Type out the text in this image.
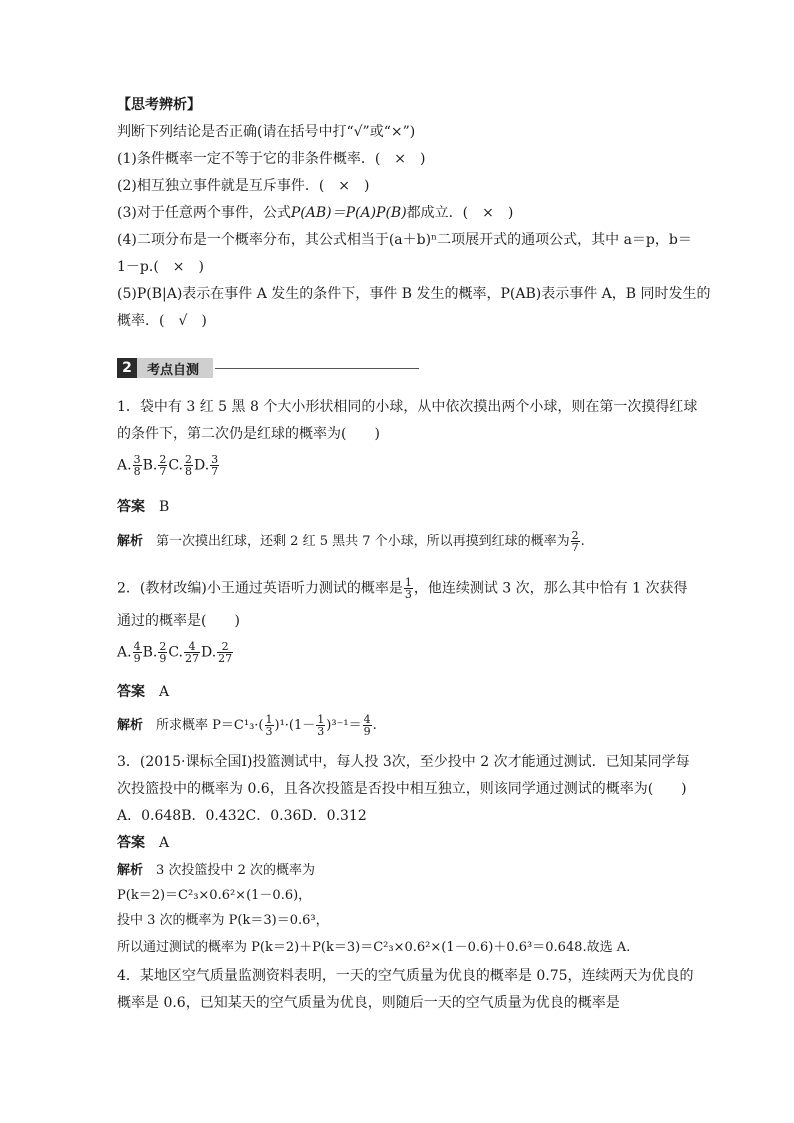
【思考辨析】
判断下列结论是否正确(请在括号中打“√”或“×”)
(1)条件概率一定不等于它的非条件概率．(　×　)
(2)相互独立事件就是互斥事件．(　×　)
(3)对于任意两个事件，公式P(AB)＝P(A)P(B)都成立．(　×　)
(4)二项分布是一个概率分布，其公式相当于(a＋b)ⁿ二项展开式的通项公式，其中 a＝p，b＝
1－p.(　×　)
(5)P(B|A)表示在事件 A 发生的条件下，事件 B 发生的概率，P(AB)表示事件 A，B 同时发生的
概率．(　√　)
2	考点自测
1．袋中有 3 红 5 黑 8 个大小形状相同的小球，从中依次摸出两个小球，则在第一次摸得红球
的条件下，第二次仍是红球的概率为(　　)
A. $\frac{3}{8} B$. $\frac{2}{7} C$. $\frac{2}{8} D$. $\frac{3}{7}$
答案　 B
解析　 第一次摸出红球，还剩 2 红 5 黑共 7 个小球，所以再摸到红球的概率为 $\frac{2}{7}$ .
2．(教材改编)小王通过英语听力测试的概率是 $\frac{1}{3}$ ，他连续测试 3 次，那么其中恰有 1 次获得
通过的概率是(　　)
A. $\frac{4}{9} B$. $\frac{2}{9} C$. $\frac{4}{27} D$. $\frac{2}{27}$
答案　 A
解析　 所求概率 $P=C^1_3\cdot( \frac{1}{3} )^1\cdot(1- \frac{1}{3} )^{3-1}= \frac{4}{9}$ .
3．(2015·课标全国Ⅰ)投篮测试中，每人投 3次，至少投中 2 次才能通过测试．已知某同学每
次投篮投中的概率为 0.6，且各次投篮是否投中相互独立，则该同学通过测试的概率为(　　)
A．0.648B．0.432C．0.36D．0.312
答案　 A
解析　 3 次投篮投中 2 次的概率为
P(k＝2)＝C²₃×0.6²×(1－0.6)，
投中 3 次的概率为 P(k＝3)＝0.6³，
所以通过测试的概率为 P(k＝2)＋P(k＝3)＝C²₃×0.6²×(1－0.6)＋0.6³＝0.648.故选 A.
4．某地区空气质量监测资料表明，一天的空气质量为优良的概率是 0.75，连续两天为优良的
概率是 0.6，已知某天的空气质量为优良，则随后一天的空气质量为优良的概率是
